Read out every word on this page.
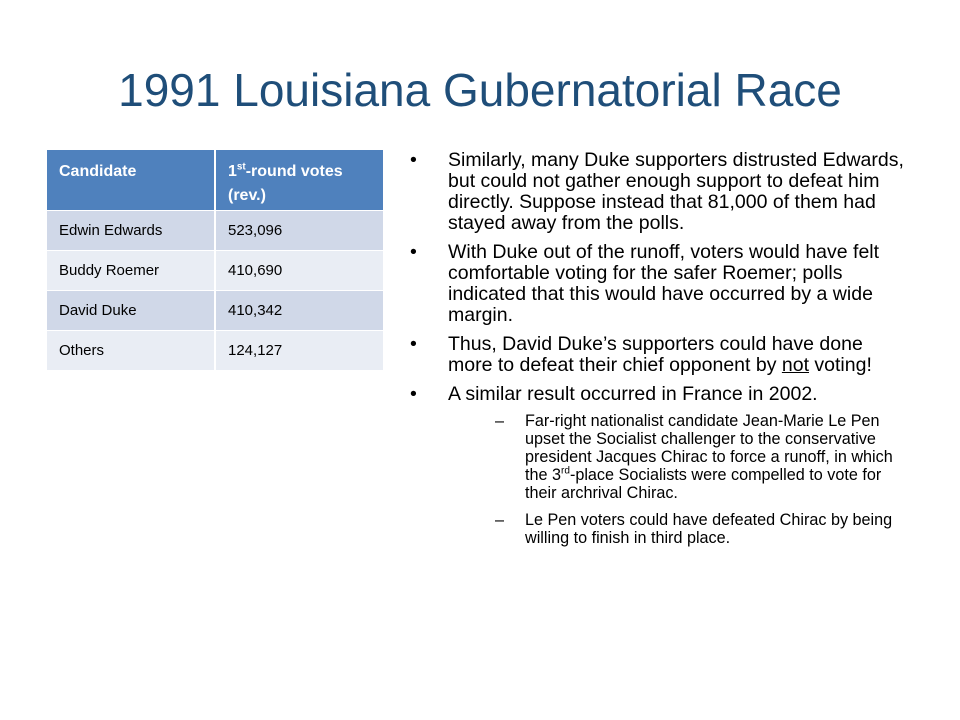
1991 Louisiana Gubernatorial Race
Candidate	1st-round votes (rev.)
Edwin Edwards	523,096
Buddy Roemer	410,690
David Duke	410,342
Others	124,127
• Similarly, many Duke supporters distrusted Edwards, but could not gather enough support to defeat him directly. Suppose instead that 81,000 of them had stayed away from the polls.
• With Duke out of the runoff, voters would have felt comfortable voting for the safer Roemer; polls indicated that this would have occurred by a wide margin.
• Thus, David Duke’s supporters could have done more to defeat their chief opponent by not voting!
• A similar result occurred in France in 2002.
– Far-right nationalist candidate Jean-Marie Le Pen upset the Socialist challenger to the conservative president Jacques Chirac to force a runoff, in which the 3rd-place Socialists were compelled to vote for their archrival Chirac.
– Le Pen voters could have defeated Chirac by being willing to finish in third place.
